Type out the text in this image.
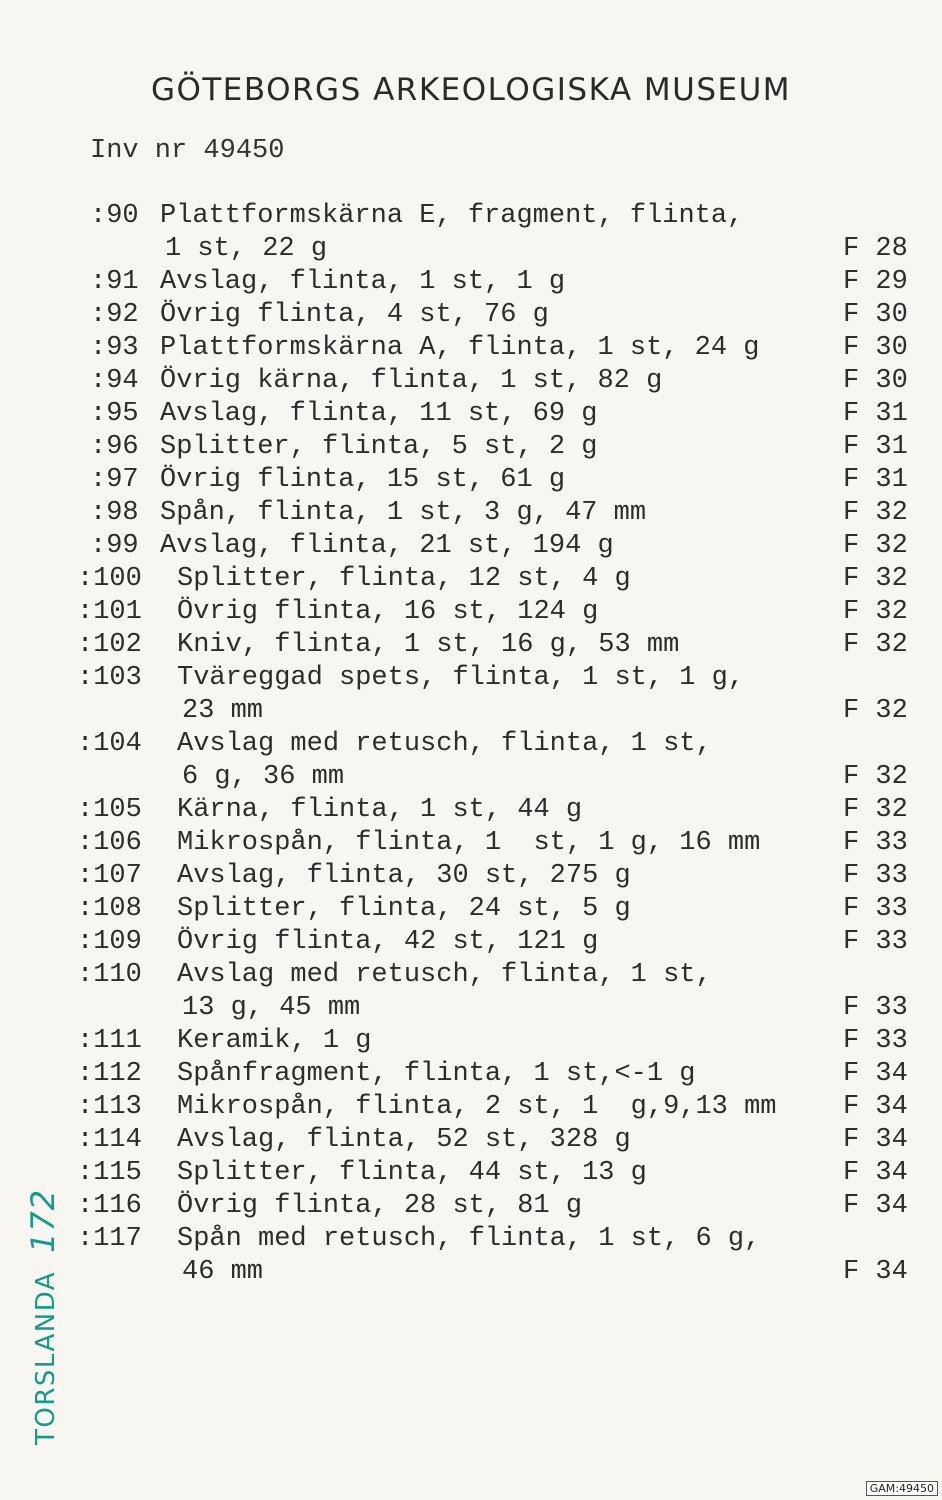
GÖTEBORGS ARKEOLOGISKA MUSEUM
Inv nr 49450
:90 Plattformskärna E, fragment, flinta,
1 st, 22 g	F 28
:91 Avslag, flinta, 1 st, 1 g	F 29
:92 Övrig flinta, 4 st, 76 g	F 30
:93 Plattformskärna A, flinta, 1 st, 24 g	F 30
:94 Övrig kärna, flinta, 1 st, 82 g	F 30
:95 Avslag, flinta, 11 st, 69 g	F 31
:96 Splitter, flinta, 5 st, 2 g	F 31
:97 Övrig flinta, 15 st, 61 g	F 31
:98 Spån, flinta, 1 st, 3 g, 47 mm	F 32
:99 Avslag, flinta, 21 st, 194 g	F 32
:100 Splitter, flinta, 12 st, 4 g	F 32
:101 Övrig flinta, 16 st, 124 g	F 32
:102 Kniv, flinta, 1 st, 16 g, 53 mm	F 32
:103 Tväreggad spets, flinta, 1 st, 1 g,
23 mm	F 32
:104 Avslag med retusch, flinta, 1 st,
6 g, 36 mm	F 32
:105 Kärna, flinta, 1 st, 44 g	F 32
:106 Mikrospån, flinta, 1  st, 1 g, 16 mm	F 33
:107 Avslag, flinta, 30 st, 275 g	F 33
:108 Splitter, flinta, 24 st, 5 g	F 33
:109 Övrig flinta, 42 st, 121 g	F 33
:110 Avslag med retusch, flinta, 1 st,
13 g, 45 mm	F 33
:111 Keramik, 1 g	F 33
:112 Spånfragment, flinta, 1 st,<-1 g	F 34
:113 Mikrospån, flinta, 2 st, 1  g,9,13 mm F 34
:114 Avslag, flinta, 52 st, 328 g	F 34
:115 Splitter, flinta, 44 st, 13 g	F 34
:116 Övrig flinta, 28 st, 81 g	F 34
:117 Spån med retusch, flinta, 1 st, 6 g,
46 mm	F 34
TORSLANDA172
GAM:49450
